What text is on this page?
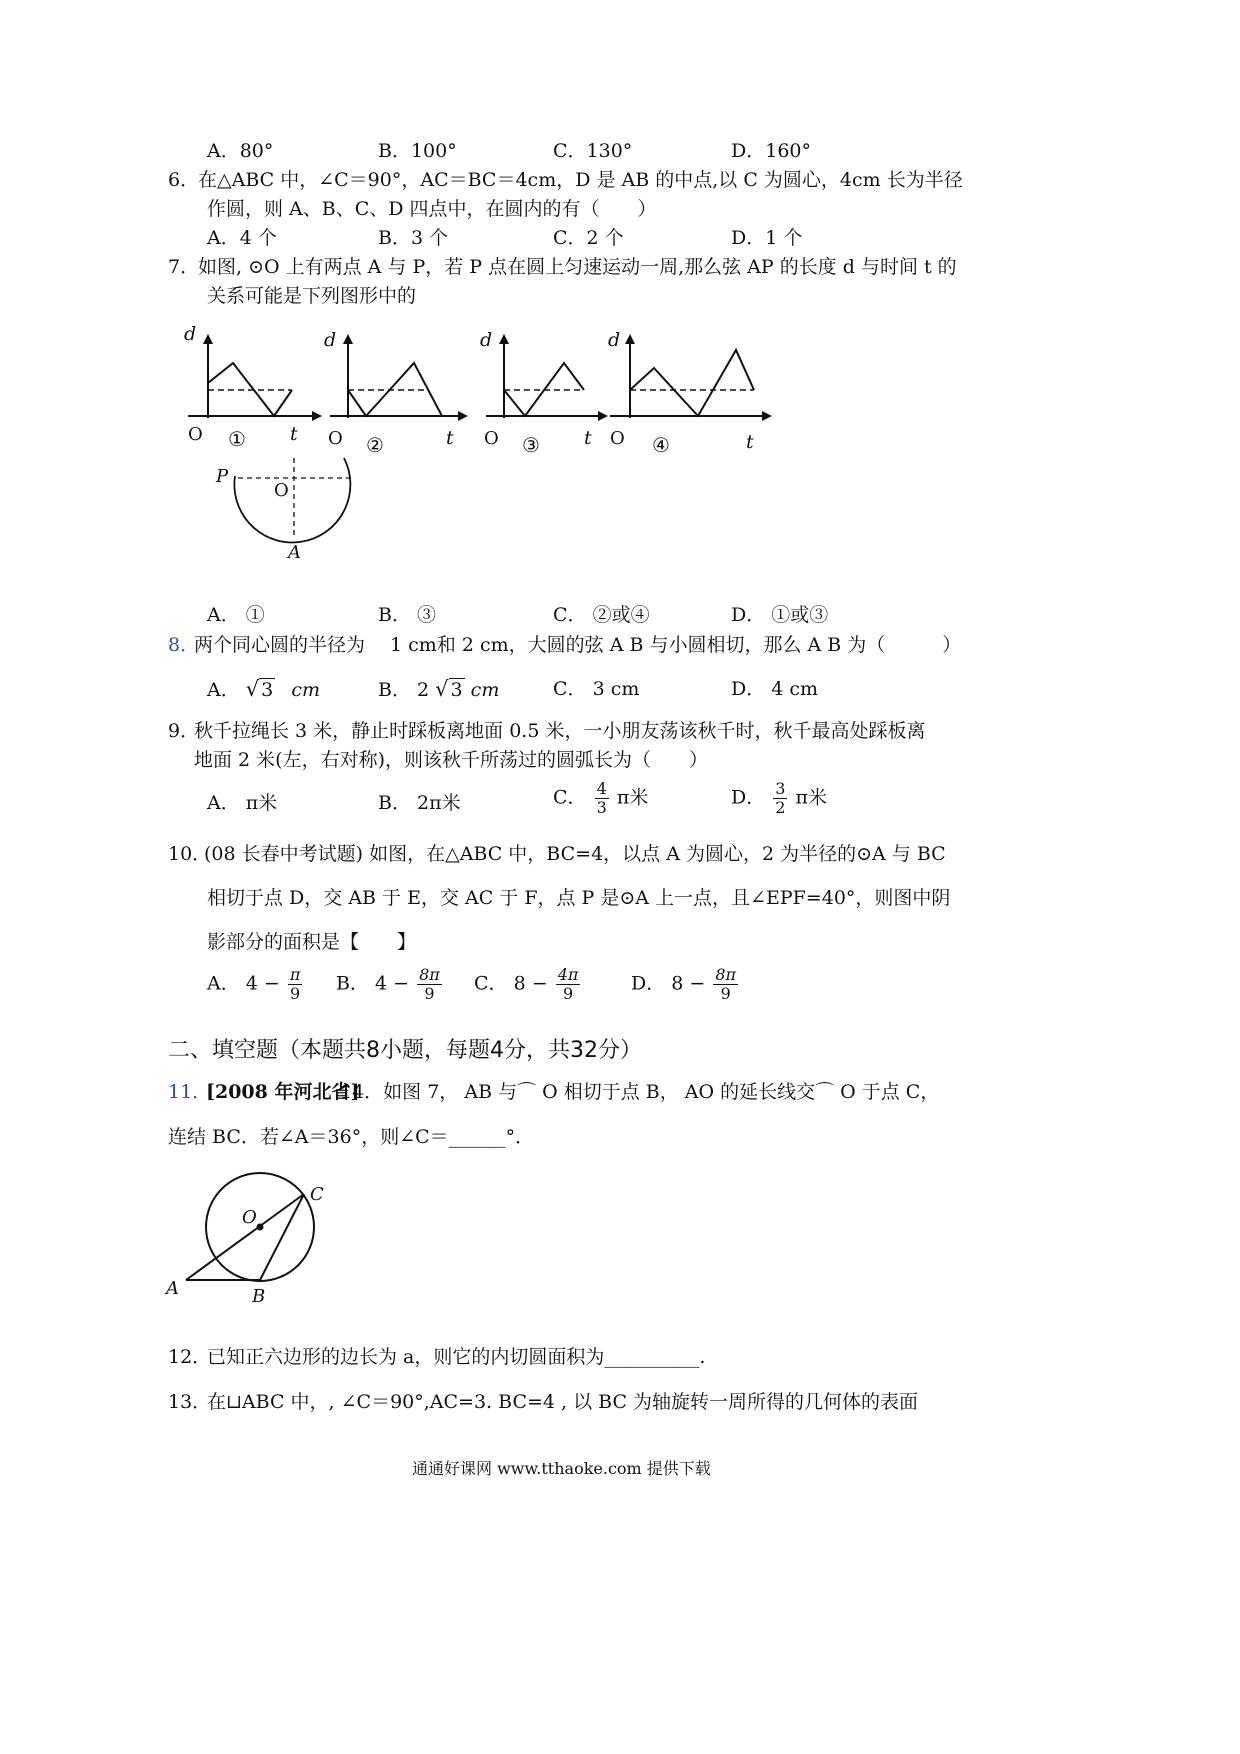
A．80°	B．100°	C．130°	D．160°
6．
在△ABC 中，∠C＝90°，AC＝BC＝4cm，D 是 AB 的中点,以 C 为圆心，4cm 长为半径
作圆，则 A、B、C、D 四点中，在圆内的有（　　）
A．4 个	B．3 个	C．2 个	D．1 个
7．
如图, ⊙O 上有两点 A 与 P，若 P 点在圆上匀速运动一周,那么弦 AP 的长度 d 与时间 t 的
关系可能是下列图形中的
d	d	d	d
t	t	t	t
P
A
O	O	O	O
①	②	③	④
O
A． ①	B． ③	C． ②或④	D． ①或③
8．
两个同心圆的半径为　 1 cm和 2 cm，大圆的弦 A B 与小圆相切，那么 A B 为（　　　）
A． √ 3 cm	B． 2 √ 3 cm	C． 3 cm	D． 4 cm
9．
秋千拉绳长 3 米，静止时踩板离地面 0.5 米，一小朋友荡该秋千时，秋千最高处踩板离
地面 2 米(左，右对称)，则该秋千所荡过的圆弧长为（　　）
A． π米	B． 2π米	C． $\frac{4}{3}$ π米	D． $\frac{3}{2}$ π米
10．
(08 长春中考试题) 如图，在△ABC 中，BC=4，以点 A 为圆心，2 为半径的⊙A 与 BC
相切于点 D，交 AB 于 E，交 AC 于 F，点 P 是⊙A 上一点，且∠EPF=40°，则图中阴
影部分的面积是【　　】
A． $4 - \frac{\pi}{9}$ B． $4 - \frac{8\pi}{9}$ C． $8 - \frac{4\pi}{9}$	D． $8 - \frac{8\pi}{9}$
二、填空题（本题共8小题，每题4分，共32分）
11．
[2008 年河北省]
14．如图 7， AB 与⌒ O 相切于点 B， AO 的延长线交⌒ O 于点 C，
连结 BC．若∠A＝36°，则∠C＝______°．
O
C
A	B
12．
已知正六边形的边长为 a，则它的内切圆面积为__________.
13．
在⊔ABC 中，, ∠C＝90°,AC=3. BC=4 , 以 BC 为轴旋转一周所得的几何体的表面
通通好课网 www.tthaoke.com 提供下载
